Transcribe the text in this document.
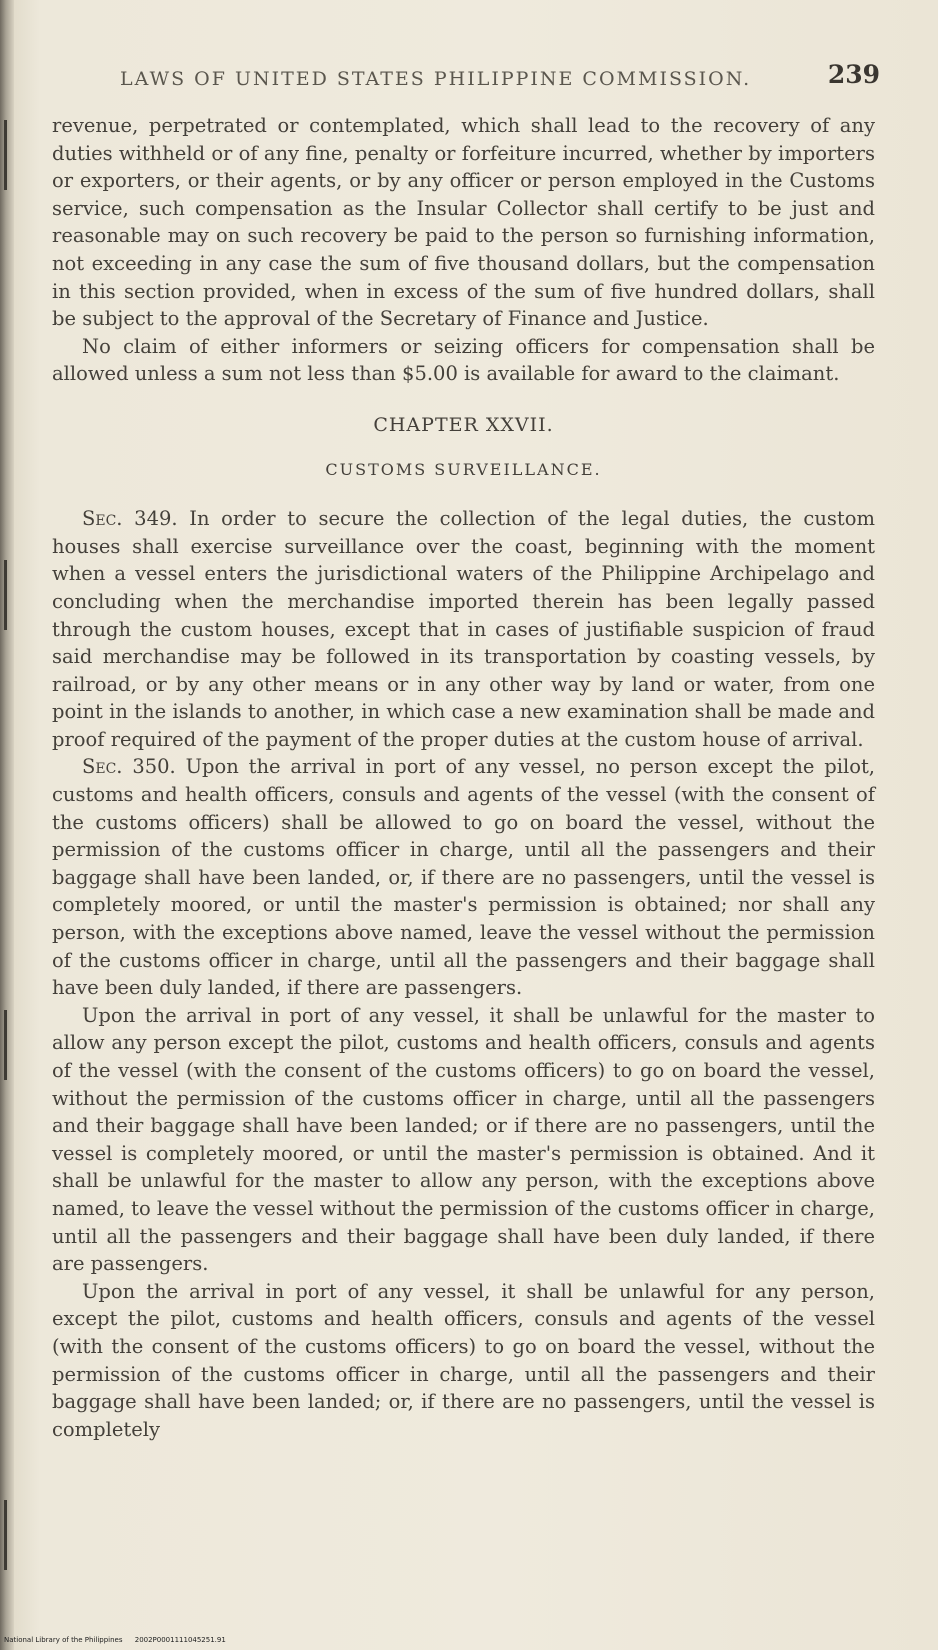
LAWS OF UNITED STATES PHILIPPINE COMMISSION.	239

revenue, perpetrated or contemplated, which shall lead to the recovery of any duties withheld or of any fine, penalty or forfeiture incurred, whether by importers or exporters, or their agents, or by any officer or person employed in the Customs service, such compensation as the Insular Collector shall certify to be just and reasonable may on such recovery be paid to the person so furnishing information, not exceeding in any case the sum of five thousand dollars, but the compensation in this section provided, when in excess of the sum of five hundred dollars, shall be subject to the approval of the Secretary of Finance and Justice.

No claim of either informers or seizing officers for compensation shall be allowed unless a sum not less than $5.00 is available for award to the claimant.

CHAPTER XXVII.
CUSTOMS SURVEILLANCE.

Sec. 349. In order to secure the collection of the legal duties, the custom houses shall exercise surveillance over the coast, beginning with the moment when a vessel enters the jurisdictional waters of the Philippine Archipelago and concluding when the merchandise imported therein has been legally passed through the custom houses, except that in cases of justifiable suspicion of fraud said merchandise may be followed in its transportation by coasting vessels, by railroad, or by any other means or in any other way by land or water, from one point in the islands to another, in which case a new examination shall be made and proof required of the payment of the proper duties at the custom house of arrival.

Sec. 350. Upon the arrival in port of any vessel, no person except the pilot, customs and health officers, consuls and agents of the vessel (with the consent of the customs officers) shall be allowed to go on board the vessel, without the permission of the customs officer in charge, until all the passengers and their baggage shall have been landed, or, if there are no passengers, until the vessel is completely moored, or until the master's permission is obtained; nor shall any person, with the exceptions above named, leave the vessel without the permission of the customs officer in charge, until all the passengers and their baggage shall have been duly landed, if there are passengers.

Upon the arrival in port of any vessel, it shall be unlawful for the master to allow any person except the pilot, customs and health officers, consuls and agents of the vessel (with the consent of the customs officers) to go on board the vessel, without the permission of the customs officer in charge, until all the passengers and their baggage shall have been landed; or if there are no passengers, until the vessel is completely moored, or until the master's permission is obtained. And it shall be unlawful for the master to allow any person, with the exceptions above named, to leave the vessel without the permission of the customs officer in charge, until all the passengers and their baggage shall have been duly landed, if there are passengers.

Upon the arrival in port of any vessel, it shall be unlawful for any person, except the pilot, customs and health officers, consuls and agents of the vessel (with the consent of the customs officers) to go on board the vessel, without the permission of the customs officer in charge, until all the passengers and their baggage shall have been landed; or, if there are no passengers, until the vessel is completely

National Library of the Philippines 2002P0001111045251.91
